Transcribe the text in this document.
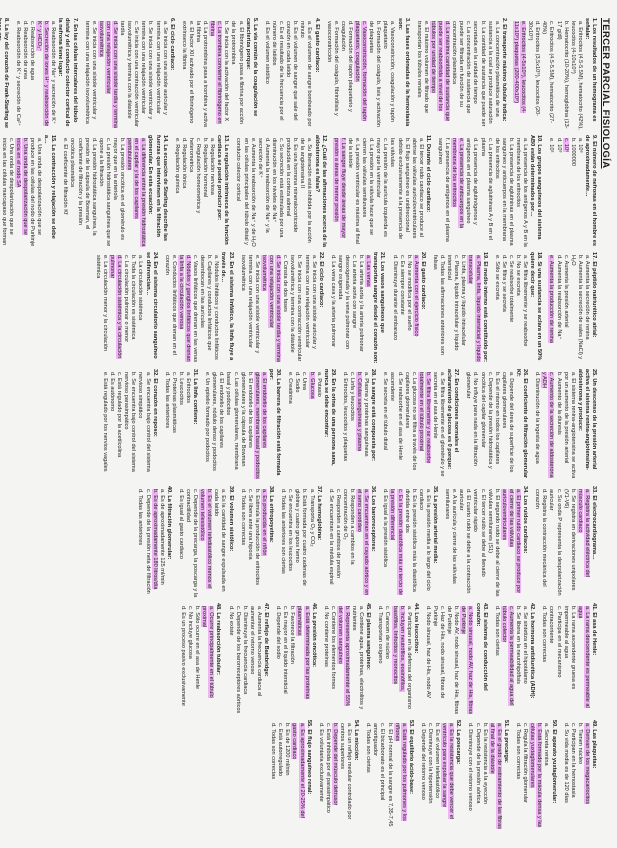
TERCER PARCIAL FISIOLOGÍA
1. Los resultados de un hemograma es señalar:
a. Eritrocitos (4.5-5.5M), hematocrito (42%), leucocitos (4-10x10⁹)
b. Hematocrito (10-20%), hemoglobina (13-17 g/dl)
c. Eritrocitos (4.5-5.5M), hematocrito (27-40%)
d. Eritrocitos (3,5x10⁹), leucocitos (20-30x10⁹)
e. Eritrocitos (4-5x10⁶), leucocitos (4-11x10⁹) plaquetas (200-400x10⁹)
2. El transporte máximo tubular indica:
a. La concentración plasmática de una sustancia a la cual se produce saturación
b. La cantidad de sustancia que puede ser secretada en la unidad de tiempo
c. La concentración de sustancia que puede ser filtrada en función de su concentración plasmática
d. La máxima cantidad de sustancia que puede ser reabsorbida a nivel de los túbulos por unidad de tiempo
e. El máximo volumen de filtrado que transportan los túbulos renales
3. Las fases ordenadas de la hemostasia son:
a. Vasoconstricción, coagulación y tapón plaquetario
b. Formación del coágulo, lisis y activación de plaquetas
c. Vasoconstricción, formación del tapón plaquetario, coagulación
d. Formación del tapón plaquetario y coagulación
e. Formación del coágulo, fibrinólisis y vasoconstricción
4. El gasto cardiaco:
a. Es el volumen de sangre bombeado por minuto
b. Es el volumen de sangre que sale del corazón en cada latido
c. Es el resultado de la frecuencia por el número de latidos
d. Es el volumen sistólico
5. La vía común de la coagulación se caracteriza porque:
a. El fibrinógeno pasa a fibrina por acción de la protrombina
b. Se inicia con la activación del factor X
c. La trombina convierte el fibrinógeno en fibrina
d. La protrombina pasa a trombina y activa la fibrina
e. El factor XII activado por el fibrinógeno extrínseco la fibrina
6. El ciclo cardiaco:
a. Se inicia con una sístole auricular y termina con una relajación ventricular
b. Se inicia con una sístole ventricular y termina con una relajación ventricular
c. Se inicia con una contracción ventricular isovolumétrica y termina con la diástole tardía
d. Se inicia con una sístole tardía y termina con una relajación ventricular isovolumétrica
e. Se inicia con una sístole ventricular y termina con una relajación isovolumétrica
7. En las células intercalares del túbulo distal y del conducto colector cortical de la nefrona tiene lugar:
a. Reabsorción de Na⁺ y secreción de K⁺
b. Secreción de iones H⁺ y reabsorción de K⁺ y HCO₃⁻
c. Reabsorción de agua
d. Reabsorción de urea
e. Reabsorción de K⁺ y secreción de Ca²⁺
8. La ley del corazón de Frank-Starling se
9. El número de nefronas en el hombre es de aproximadamente…
a. 10⁶
b. 1000000
c. 10⁶
d. 10³
e. 10²
10. Los grupos sanguíneos del sistema AB0 están determinados por…
a. La presencia de los antígenos A y B en la membrana de los eritrocitos
b. La presencia de aglutininas en el plasma sanguíneo y anticuerpos en la membrana de los eritrocitos
c. La presencia de aglutininas A y B en el plasma
d. La presencia de aglutinógenos y antígenos en el plasma sanguíneo
e. La presencia de anticuerpos en la membrana de los eritrocitos
f. La presencia de antígenos en el plasma sanguíneo
11. Durante el ciclo cardiaco:
a. El tercer ruido cardiaco se produce al abrirse las válvulas auriculoventriculares
b. El flujo sanguíneo es unidireccional debido exclusivamente a la presencia de las válvulas
c. La presión de la aurícula izquierda es mayor que la ventricular
d. La presión en la válvula hace que se cierren las válvulas semilunares
e. La presión ventricular es máxima al final de la sístole
f. La sangre fluye desde áreas de mayor presión a áreas de menor presión
12. ¿Cuál de las afirmaciones acerca de la aldosterona es falsa?
a. Su liberación está inhibida por la acción de la angiotensina II
b. Es una hormona mineralocorticoide producida en la corteza adrenal
c. Su secreción está estimulada por una disminución en los niveles de Na⁺
d. Aumenta la reabsorción de Na⁺ y la secreción de K⁺
e. Aumenta la reabsorción de Na⁺ y de H₂O en las células principales del túbulo distal y conducto colector cortical
13. La regulación intrínseca de la función cardiaca se puede producir por:
a. Regulación nerviosa
b. Regulación hormonal
c. Regulación homeometrica y heterometrica
d. Regulación iónica
e. Regulación química
14. La ecuación de Starling describe las fuerzas que intervienen en la filtración glomerular. En esta ecuación:
a. La diferencia entre la presión hidrostática en el capilar y la de los capilares peritubulares
b. La presión oncótica en el glomérulo es mayor que en la arteriola
c. La presión hidrostática sanguínea que se opone a la filtración
d. La presión hidrostática sanguínea, la presión de la cápsula de Bowman, el coeficiente de filtración y la presión oncótica plasmática
e. El coeficiente de filtración Kf
15. La contracción y relajación se debe a…
a. Una onda de despolarización que se produce en las células del nodo de Purkinje
b. Una onda de despolarización que se inicia en el nodo SA
c. Una onda de despolarización que se inicia en las células marcapaso que forman
17. El péptido natriurético atrial:
a. Aumenta la secreción de renina
b. Aumenta la secreción de sales (NaCl) y H₂O
c. Aumenta la presión arterial
d. Aumenta la reabsorción de Na⁺
e. Aumenta la producción de renina
18. Si una sustancia se aclara en un 50% quiere decir que:
a. Se filtra libremente y se reabsorbe
b. No se excreta
c. Se reabsorbe totalmente
d. Se filtra y se secreta
e. Sólo se excreta
19. El medio interno está constituido por:
a. Plasma, linfa, líquido intersticial y líquido transcelular
b. Linfa, plasma y líquido intracelular
c. Plasma, líquido intracelular y líquido intersticial
d. Todas las afirmaciones anteriores son falsas
20. El gasto cardiaco:
a. Aumenta con el ejercicio físico
b. No se modifica por el sueño
c. Es siempre constante
d. Disminuye durante el embarazo
21. Los vasos sanguíneos que transportan sangre desde el corazón son:
a. Las venas
b. La arteria aorta y la arteria pulmonar
c. La arteria aorta con sangre desoxigenada y la vena pulmonar con sangre oxigenada
d. La vena cava y la arteria pulmonar
22. El ciclo cardiaco:
a. Se inicia con una sístole auricular y termina con una relajación ventricular
b. Se inicia con una contracción ventricular isovolumétrica y termina con la diástole
c. Consta de dos fases
d. Se inicia con una sístole tardía y termina con una relajación ventricular isovolumétrica
e. Se inicia con una sístole ventricular y termina con una relajación ventricular isovolumétrica
23. En el sistema linfático, la linfa fluye a través de…
a. Nódulos linfáticos y conductos linfáticos
b. Capilares y conductos linfáticos que desembocan en las aurículas
c. Vasos linfáticos que drenan en las venas
d. Nódulos y ganglios linfáticos que drenan la linfa a la circulación venosa
e. Conductos linfáticos que drenan en el corazón
24. En el sistema circulatorio sanguíneo se diferencian…
a. La circulación sistémica
b. Toda la circulación es sistémica
c. La circulación pulmonar o menor
d. La circulación sistémica y la circulación pulmonar
e. La circulación menor y la circulación sistémica
25. Un descenso de la presión arterial activa el sistema renina-angiotensina-aldosterona y produce:
a. El sistema renina-angiotensina se activa por un aumento de la presión arterial
b. Aumento de la diuresis
c. Aumento de la secreción de aldosterona y ADH
d. Disminución de la ingesta de agua
26. El coeficiente de filtración glomerular Kf:
a. Depende del área de superficie de los capilares glomerulares
b. Es el mismo en todos los capilares
c. Depende de la presión hidrostática y oncótica del capilar glomerular
d. No influye para nada en la filtración glomerular
27. En condiciones normales el aclaramiento de glucosa es 0 porque:
a. Se filtra libremente en el glomérulo y se secreta en el asa de Henle
b. Se filtra libremente y se reabsorbe totalmente en el túbulo proximal
c. La glucosa no se filtra a través de los capilares glomerulares
d. Se reabsorbe en el asa de Henle ascendente
e. Se secreta en el túbulo distal
28. La sangre está compuesta por:
a. Plasma y proteínas sanguíneas
b. Células sanguíneas y plasma
c. Linfa y leucocitos
d. Eritrocitos, leucocitos y plaquetas
29. En la orina de una persona sana, nunca se debe encontrar:
a. Potasio
b. Glucosa
c. Urea
d. Sodio
e. Creatinina
30. La barrera de filtración está formada por:
a. El endotelio de los capilares glomerulares, membrana basal y podocitos
b. El endotelio de los capilares glomerulares y la cápsula de Bowman
c. Las células glomerulares, membrana basal y podocitos
d. El endotelio de los capilares glomerulares, nódulo denso y podocitos
e. Un epitelio formado por podocitos
31. La linfa contiene:
a. Eritrocitos
b. Leucocitos
c. Proteínas plasmáticas
d. Todas las anteriores
32. El corazón en reposo:
a. Se encuentra bajo control del sistema nervioso simpático
b. Se encuentra bajo control del sistema nervioso parasimpático
c. Está regulado por la acetilcolina
d. Es autónomo
e. Está regulado por los nervios vagales
33. El electrocardiograma…
a. Registra la actividad eléctrica del músculo cardiaco
b. Se registra en derivaciones unipolares (V1-V6)
c. Su onda P representa la despolarización auricular
d. Registra la contracción mecánica del corazón
34. Los ruidos cardiacos:
a. El primer ruido cardiaco se produce por el cierre de las válvulas auriculoventriculares
b. El segundo ruido se debe al cierre de las válvulas semilunares (S1)
c. El tercer ruido se debe al llenado ventricular rápido
d. El cuarto ruido se debe a la contracción auricular
e. A la aurícula y cierre de las válvulas semilunares
35. La presión arterial media:
a. Es la presión media a lo largo del ciclo cardiaco
b. Es la presión sistólica más la diastólica dividida entre dos
c. Es la presión diastólica más un tercio de la presión diferencial
d. Es igual a la presión sistólica
36. Los barorreceptores:
a. Se encuentran en el cayado aórtico y en el seno carotídeo
b. Responden a cambios en la concentración de O₂
c. Responden a cambios de presión
d. Se encuentran en la médula espinal
37. La hemoglobina:
a. Transporta O₂ y CO₂
b. Está formada por cuatro cadenas de globina y cuatro grupos hemo
c. Se encuentra en los leucocitos
d. Todas las anteriores son ciertas
38. La eritropoyetina:
a. Es producida en el riñón
b. Estimula la producción de eritrocitos
c. Se libera ante una hipoxia
d. Todas son correctas
39. El volumen sistólico:
a. Es la cantidad de sangre expulsada en cada latido
b. Es el volumen telediastólico menos el volumen telesistólico
c. Depende de la precarga, la poscarga y la contractilidad
d. Es igual al gasto cardiaco
40. La filtración glomerular:
a. Es de aproximadamente 125 ml/min
b. Es de aproximadamente 180 litros/día
c. Depende de la presión neta de filtración
d. Todas las anteriores
41. El asa de Henle:
a. La rama descendente es permeable al agua
b. La rama ascendente gruesa es impermeable al agua
c. Participa en el mecanismo contracorriente
d. Todas son correctas
42. La hormona antidiurética (ADH):
a. Se sintetiza en el hipotálamo
b. Se libera en la neurohipófisis
c. Aumenta la permeabilidad al agua del túbulo colector
d. Todas son ciertas
43. El sistema de conducción del corazón:
a. Nodo sinusal, nodo AV, haz de His, fibras de Purkinje
b. Nodo AV, nodo sinusal, haz de His, fibras de Purkinje
c. Haz de His, nodo sinusal, fibras de Purkinje
d. Nodo sinusal, haz de His, nodo AV
44. Los leucocitos:
a. Participan en la defensa del organismo
b. Incluyen neutrófilos, eosinófilos, basófilos, linfocitos y monocitos
c. Carecen de núcleo
d. Transportan oxígeno
45. El plasma sanguíneo:
a. Contiene agua, proteínas, electrolitos y nutrientes
b. Representa aproximadamente el 55% del volumen sanguíneo
c. Contiene los elementos formes
d. No contiene proteínas
46. La presión oncótica:
a. Está determinada por las proteínas plasmáticas
b. Favorece la filtración
c. Es mayor en el líquido intersticial
d. Depende del sodio
47. El reflejo de Bainbridge:
a. Aumenta la frecuencia cardiaca al aumentar el retorno venoso
b. Disminuye la frecuencia cardiaca
c. Depende de los barorreceptores aórticos
d. No existe
48. La reabsorción tubular:
a. Ocurre principalmente en el túbulo proximal
b. Sólo ocurre en el asa de Henle
c. No incluye glucosa
d. Es un proceso pasivo exclusivamente
49. Las plaquetas:
a. Derivan de los megacariocitos
b. Tienen núcleo
c. Participan en la hemostasia
d. Su vida media es de 120 días
50. El aparato yuxtaglomerular:
a. Secreta renina
b. Está formado por la mácula densa y las células yuxtaglomerulares
c. Regula la filtración glomerular
d. Todas son correctas
51. La precarga:
a. Es el grado de estiramiento de las fibras al final de la diástole
b. Es la resistencia a la eyección
c. Depende de la presión aórtica
d. Disminuye con el retorno venoso
52. La poscarga:
a. Es la resistencia que debe vencer el ventrículo para expulsar la sangre
b. Es el volumen telediastólico
c. Disminuye con la hipertensión
d. Depende del retorno venoso
53. El equilibrio ácido-base:
a. Está regulado por los pulmones y los riñones
b. El pH normal de la sangre es 7,35-7,45
c. El bicarbonato es el principal amortiguador
d. Todas son ciertas
54. La micción:
a. Es un reflejo medular controlado por centros superiores
b. Depende del músculo detrusor
c. Está inhibida por el parasimpático
d. Es voluntaria exclusivamente
55. El flujo sanguíneo renal:
a. Es aproximadamente el 20-25% del gasto cardiaco
b. Es de 1200 ml/min
c. Está autorregulado
d. Todas son correctas
